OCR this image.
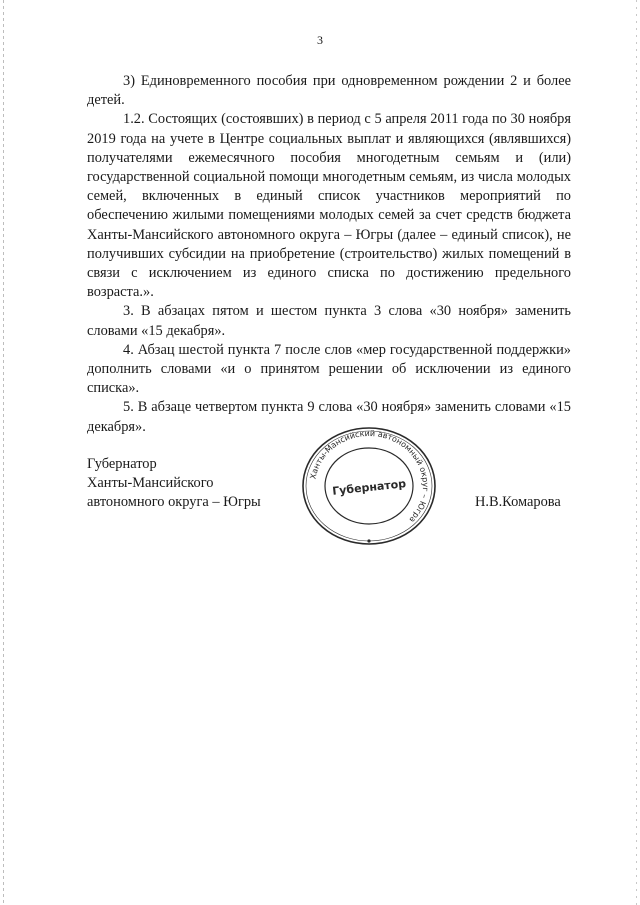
3

3) Единовременного пособия при одновременном рождении 2 и более детей.

1.2. Состоящих (состоявших) в период с 5 апреля 2011 года по 30 ноября 2019 года на учете в Центре социальных выплат и являющихся (являвшихся) получателями ежемесячного пособия многодетным семьям и (или) государственной социальной помощи многодетным семьям, из числа молодых семей, включенных в единый список участников мероприятий по обеспечению жилыми помещениями молодых семей за счет средств бюджета Ханты-Мансийского автономного округа – Югры (далее – единый список), не получивших субсидии на приобретение (строительство) жилых помещений в связи с исключением из единого списка по достижению предельного возраста.».

3. В абзацах пятом и шестом пункта 3 слова «30 ноября» заменить словами «15 декабря».

4. Абзац шестой пункта 7 после слов «мер государственной поддержки» дополнить словами «и о принятом решении об исключении из единого списка».

5. В абзаце четвертом пункта 9 слова «30 ноября» заменить словами «15 декабря».

Губернатор
Ханты-Мансийского
автономного округа – Югры	Н.В.Комарова
Ханты-Мансийский автономный округ – Югра
Губернатор
